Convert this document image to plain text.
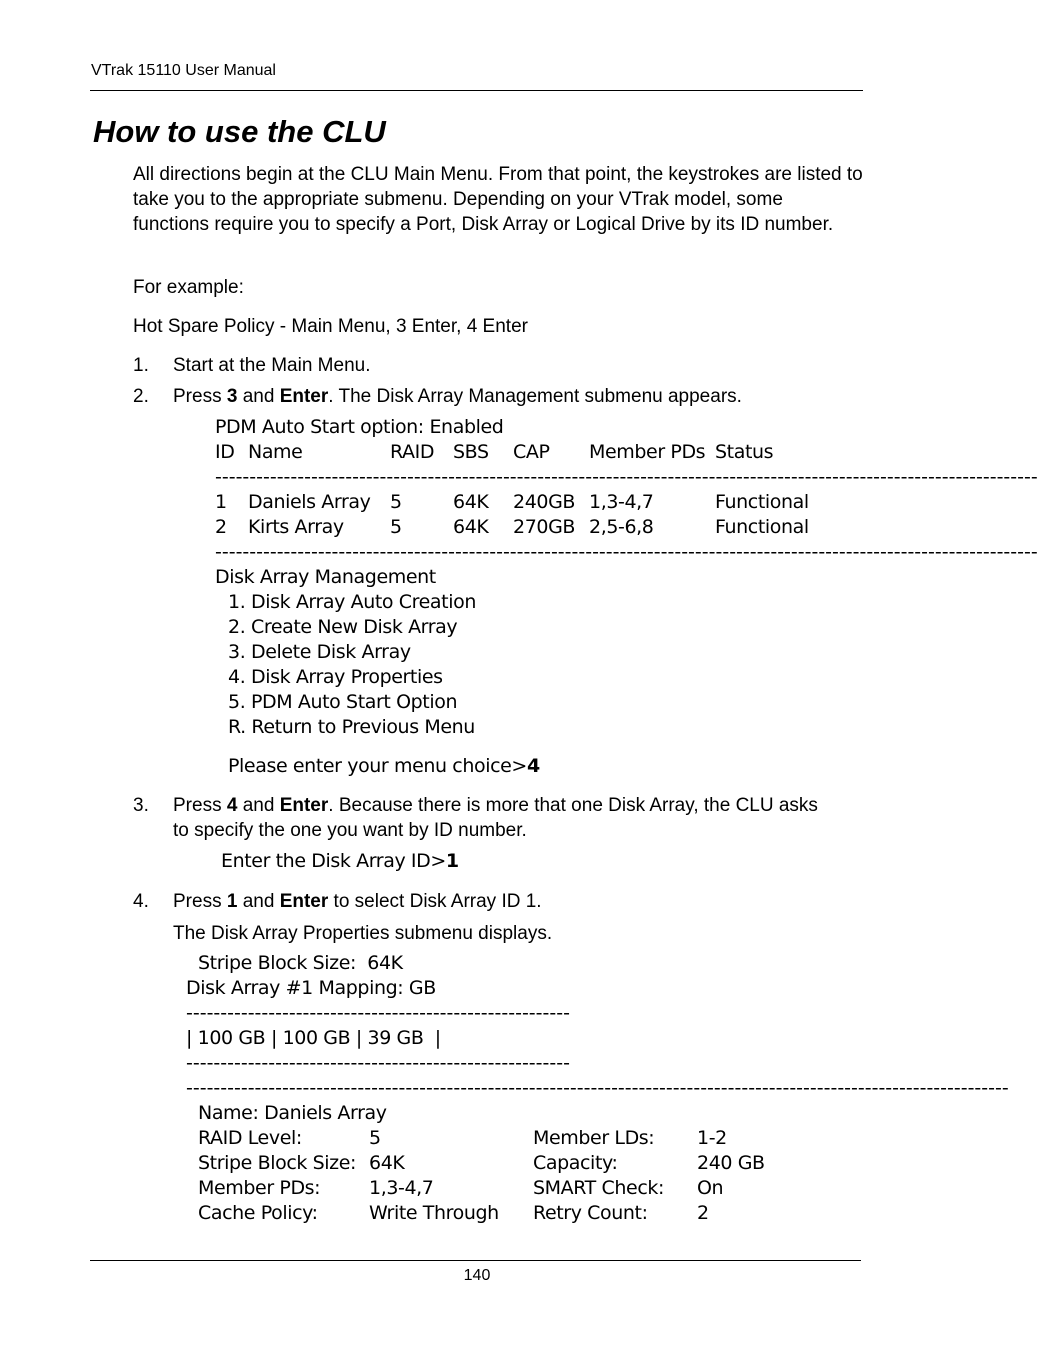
VTrak 15110 User Manual
How to use the CLU
All directions begin at the CLU Main Menu. From that point, the keystrokes are listed to take you to the appropriate submenu. Depending on your VTrak model, some functions require you to specify a Port, Disk Array or Logical Drive by its ID number.
For example:
Hot Spare Policy - Main Menu, 3 Enter, 4 Enter
1. Start at the Main Menu.
2. Press 3 and Enter. The Disk Array Management submenu appears.
PDM Auto Start option: Enabled
ID Name	RAID SBS CAP Member PDs Status
------------------------------------------------------------------------------------------------------------------------
1 Daniels Array 5	64K 240GB 1,3-4,7	Functional
2 Kirts Array 5	64K 270GB 2,5-6,8	Functional
------------------------------------------------------------------------------------------------------------------------
Disk Array Management
1. Disk Array Auto Creation
2. Create New Disk Array
3. Delete Disk Array
4. Disk Array Properties
5. PDM Auto Start Option
R. Return to Previous Menu
Please enter your menu choice>4
3. Press 4 and Enter. Because there is more that one Disk Array, the CLU asks
to specify the one you want by ID number.
Enter the Disk Array ID>1
4. Press 1 and Enter to select Disk Array ID 1.
The Disk Array Properties submenu displays.
Stripe Block Size:  64K
Disk Array #1 Mapping: GB
--------------------------------------------------------
| 100 GB | 100 GB | 39 GB  |
--------------------------------------------------------
------------------------------------------------------------------------------------------------------------------------
Name: Daniels Array
RAID Level:	5	Member LDs: 1-2
Stripe Block Size: 64K	Capacity:	240 GB
Member PDs:	1,3-4,7	SMART Check: On
Cache Policy:	Write Through Retry Count:	2
140
